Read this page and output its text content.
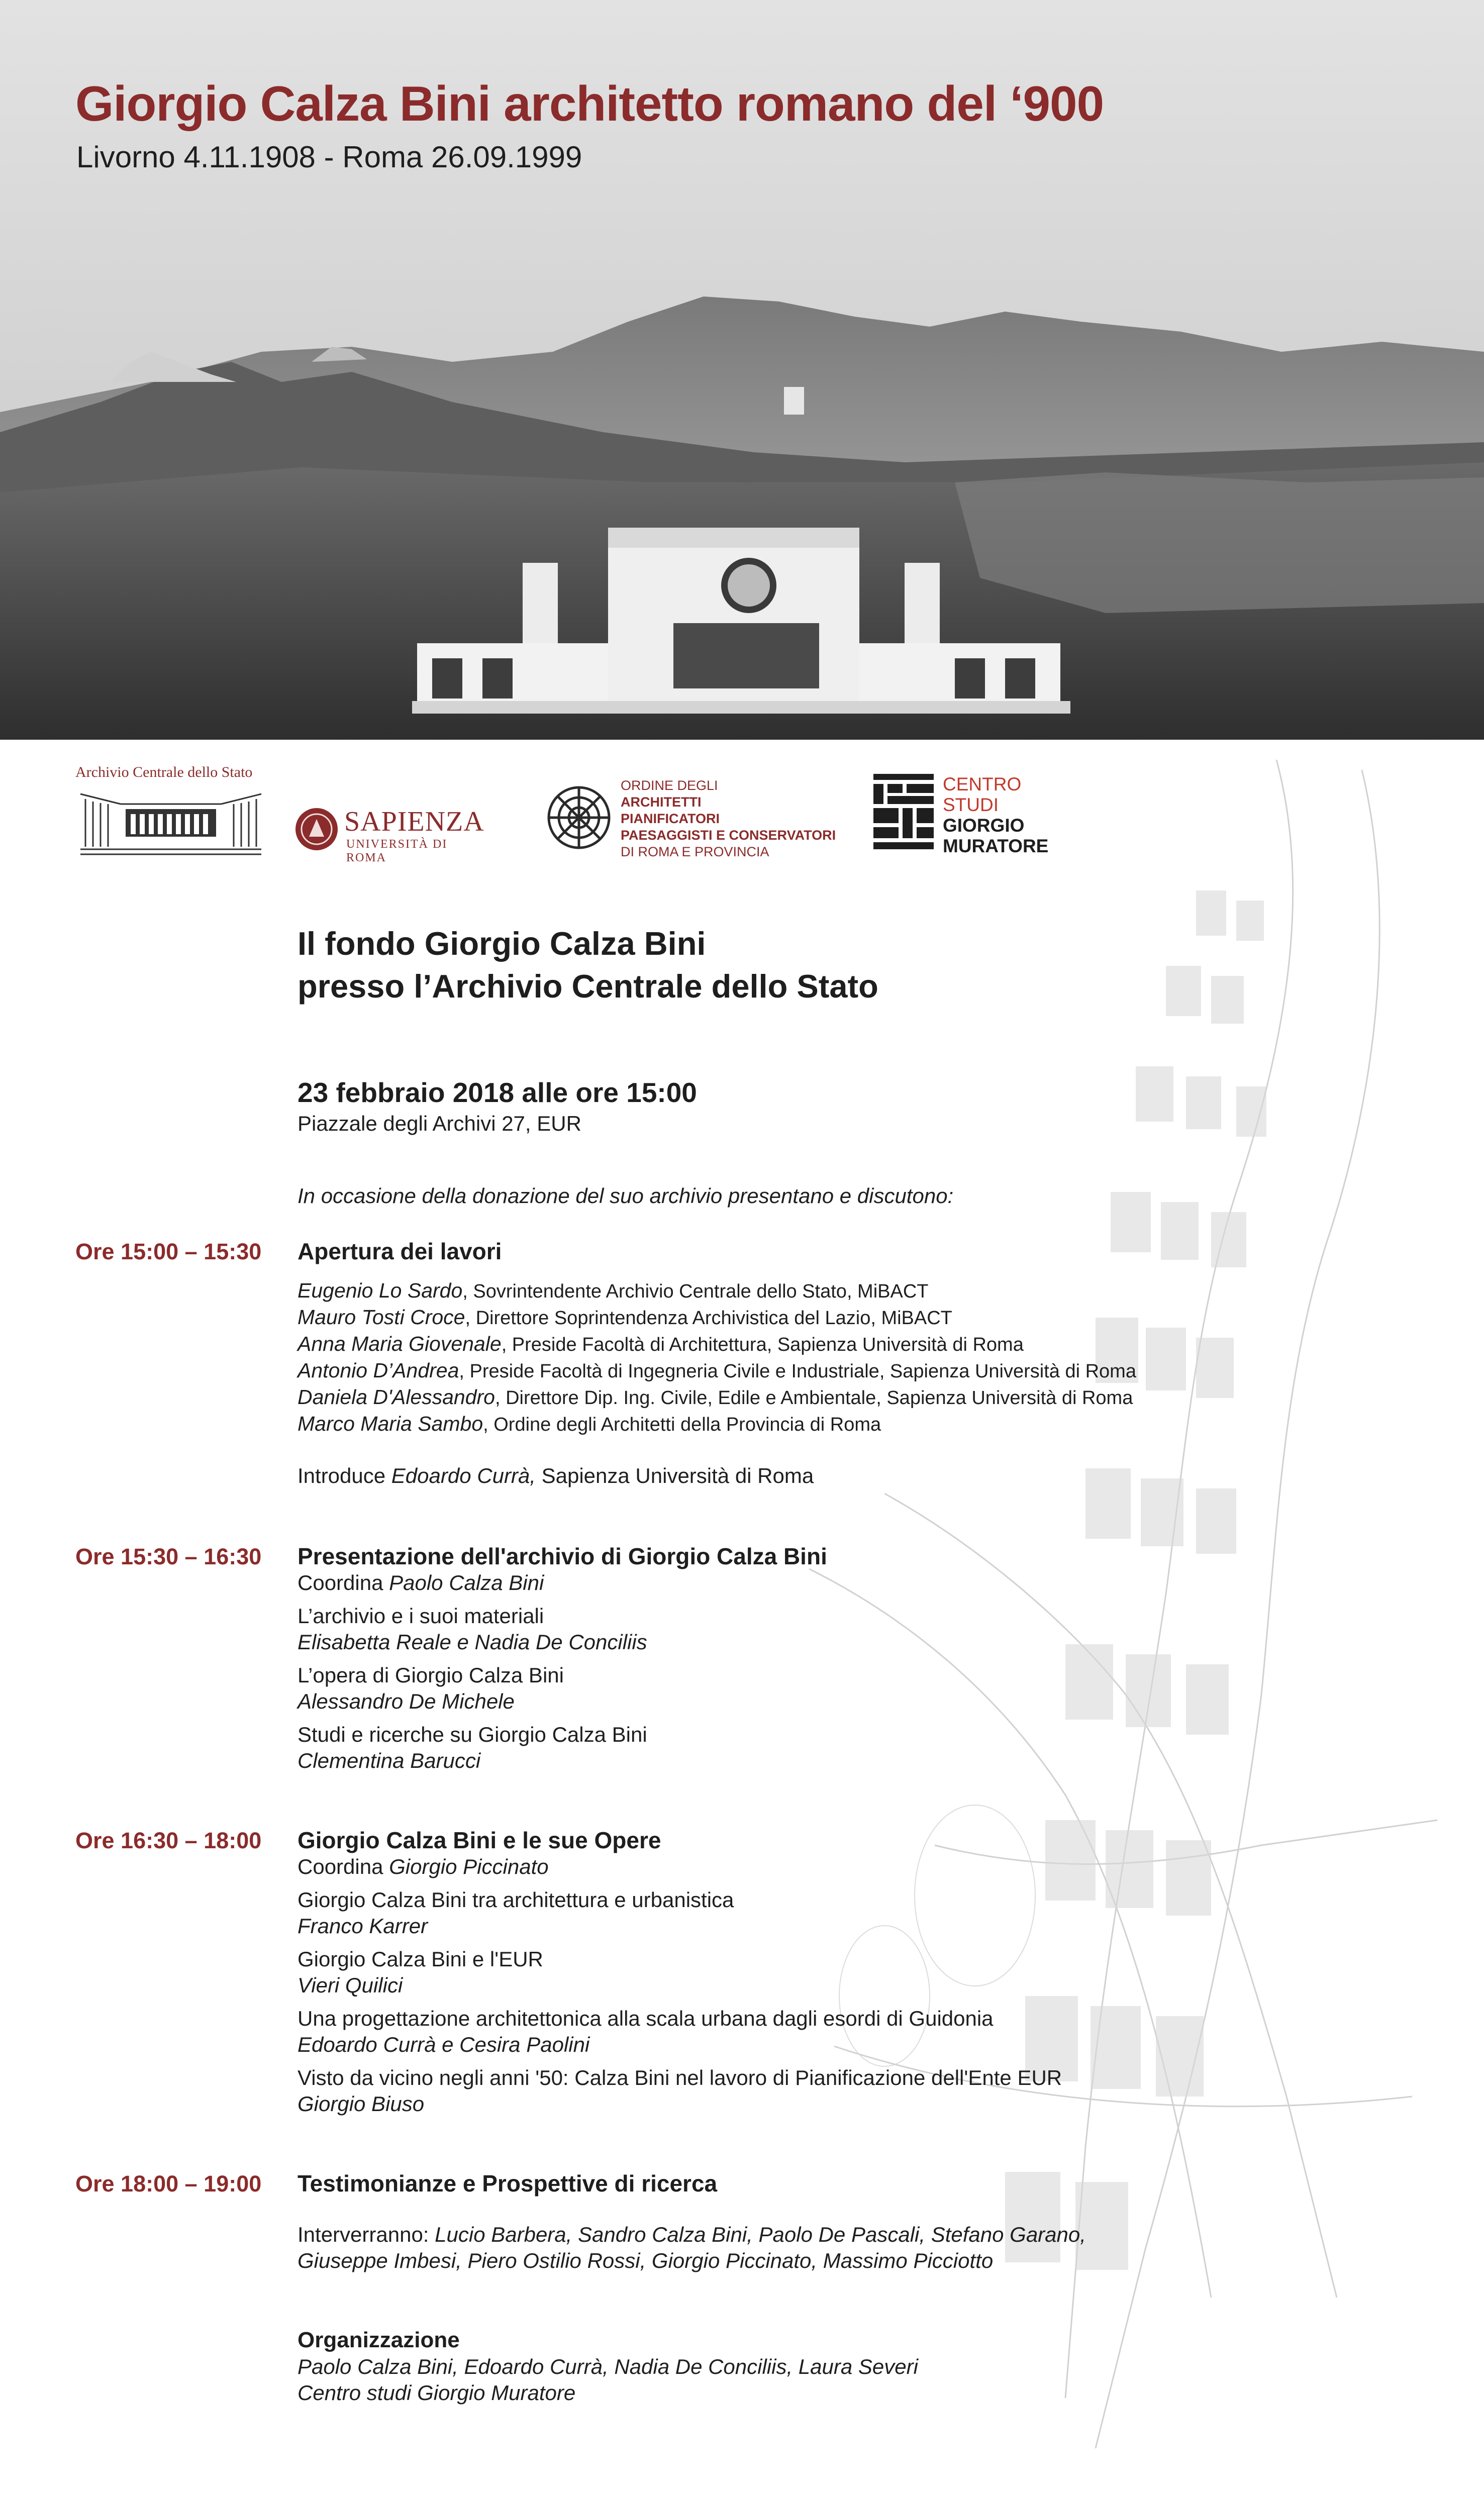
Giorgio Calza Bini architetto romano del ‘900

Livorno 4.11.1908 - Roma 26.09.1999

Archivio Centrale dello Stato
SAPIENZA
UNIVERSITÀ DI ROMA
ORDINE DEGLI
ARCHITETTI
PIANIFICATORI
PAESAGGISTI E CONSERVATORI
DI ROMA E PROVINCIA
CENTRO
STUDI
GIORGIO
MURATORE

Il fondo Giorgio Calza Bini

presso l’Archivio Centrale dello Stato

23 febbraio 2018 alle ore 15:00

Piazzale degli Archivi 27, EUR

In occasione della donazione del suo archivio presentano e discutono:

Ore 15:00 – 15:30 Apertura dei lavori

Eugenio Lo Sardo, Sovrintendente Archivio Centrale dello Stato, MiBACT

Mauro Tosti Croce, Direttore Soprintendenza Archivistica del Lazio, MiBACT

Anna Maria Giovenale, Preside Facoltà di Architettura, Sapienza Università di Roma

Antonio D’Andrea, Preside Facoltà di Ingegneria Civile e Industriale, Sapienza Università di Roma

Daniela D'Alessandro, Direttore Dip. Ing. Civile, Edile e Ambientale, Sapienza Università di Roma

Marco Maria Sambo, Ordine degli Architetti della Provincia di Roma

Introduce Edoardo Currà, Sapienza Università di Roma

Ore 15:30 – 16:30 Presentazione dell'archivio di Giorgio Calza Bini

Coordina Paolo Calza Bini

L’archivio e i suoi materiali

Elisabetta Reale e Nadia De Conciliis

L’opera di Giorgio Calza Bini

Alessandro De Michele

Studi e ricerche su Giorgio Calza Bini

Clementina Barucci

Ore 16:30 – 18:00 Giorgio Calza Bini e le sue Opere

Coordina Giorgio Piccinato

Giorgio Calza Bini tra architettura e urbanistica

Franco Karrer

Giorgio Calza Bini e l'EUR

Vieri Quilici

Una progettazione architettonica alla scala urbana dagli esordi di Guidonia

Edoardo Currà e Cesira Paolini

Visto da vicino negli anni '50: Calza Bini nel lavoro di Pianificazione dell'Ente EUR

Giorgio Biuso

Ore 18:00 – 19:00 Testimonianze e Prospettive di ricerca

Interverranno: Lucio Barbera, Sandro Calza Bini, Paolo De Pascali, Stefano Garano,

Giuseppe Imbesi, Piero Ostilio Rossi, Giorgio Piccinato, Massimo Picciotto

Organizzazione

Paolo Calza Bini, Edoardo Currà, Nadia De Conciliis, Laura Severi

Centro studi Giorgio Muratore
